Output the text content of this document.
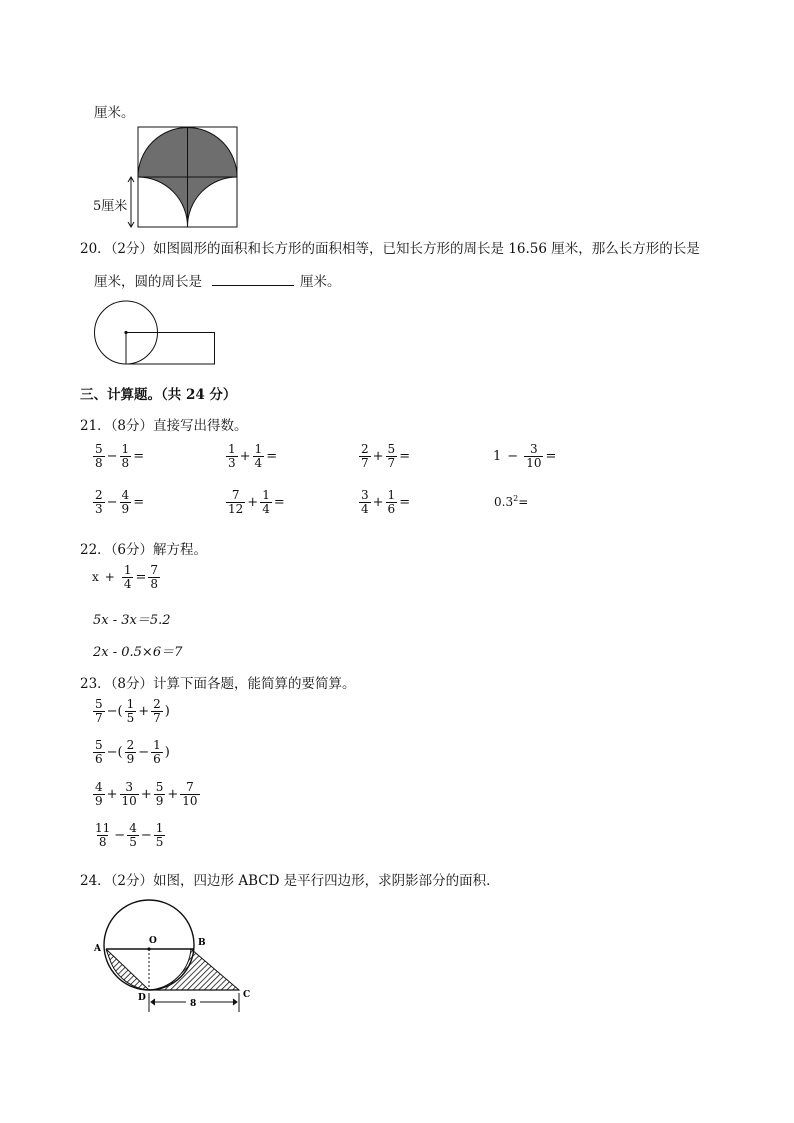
厘米。
5厘米
20．（2分）如图圆形的面积和长方形的面积相等，已知长方形的周长是 16.56 厘米，那么长方形的长是
厘米，圆的周长是	厘米。
三、计算题。（共 24 分）
21．（8分）直接写出得数。
$\frac{5}{8} - \frac{1}{8}$ =	$\frac{1}{3} + \frac{1}{4}$ =	$\frac{2}{7} + \frac{5}{7}$ =	$1 - \frac{3}{10}$ =
$\frac{2}{3} - \frac{4}{9}$ =	$\frac{7}{12} + \frac{1}{4}$ =	$\frac{3}{4} + \frac{1}{6}$ =	$0.3^2=$
22．（6分）解方程。
$x + \frac{1}{4} = \frac{7}{8}$
5x - 3x＝5.2
2x - 0.5×6＝7
23．（8分）计算下面各题，能简算的要简算。
$\frac{5}{7}$ −( $\frac{1}{5} + \frac{2}{7}$ )
$\frac{5}{6}$ −( $\frac{2}{9} - \frac{1}{6}$ )
$\frac{4}{9} + \frac{3}{10} + \frac{5}{9} + \frac{7}{10}$
$\frac{11}{8} - \frac{4}{5} - \frac{1}{5}$
24．（2分）如图，四边形 ABCD 是平行四边形，求阴影部分的面积．
A
B
C
D
O
8
